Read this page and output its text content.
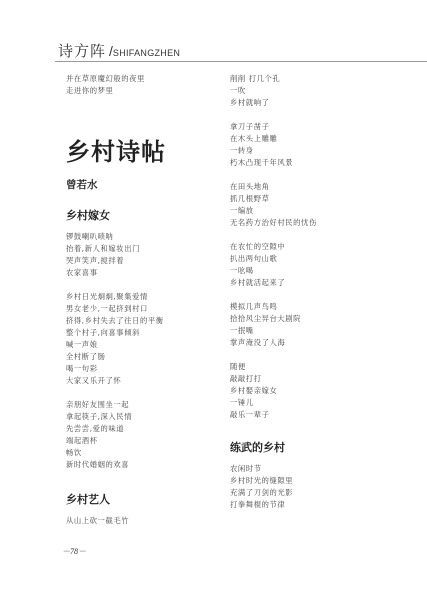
诗方阵 /SHIFANGZHEN
并在草原魔幻般的夜里
走进你的梦里
乡村诗帖
曾若水
乡村嫁女
锣鼓喇叭唢呐
抬着,新人和嫁妆出门
哭声笑声,搅拌着
农家喜事
乡村日光炯炯,聚集爱情
男女老少,一起挤到村口
挤得,乡村失去了往日的平衡
整个村子,向喜事倾斜
喊一声娘
全村断了肠
喝一句彩
大家又乐开了怀
亲朋好友围坐一起
拿起筷子,深入民情
先尝尝,爱的味道
端起酒杯
畅饮
新时代婚姻的欢喜
乡村艺人
从山上砍一截毛竹
削削 打几个孔
一吹
乡村就响了
拿刀子凿子
在木头上雕雕
一转身
朽木凸现千年风景
在田头地角
抓几根野草
一编放
无名药方治好村民的忧伤
在农忙的空隙中
扒出两句山歌
一吆喝
乡村就活起来了
模拟几声鸟鸣
拾拾风尘异台大剧院
一抿嘴
掌声淹没了人海
随便
敲敲打打
乡村娶亲嫁女
一锤儿
敲乐一辈子
练武的乡村
农闲时节
乡村时光的缝隙里
充满了刀剑的光影
打拳舞棍的节律
－78－
